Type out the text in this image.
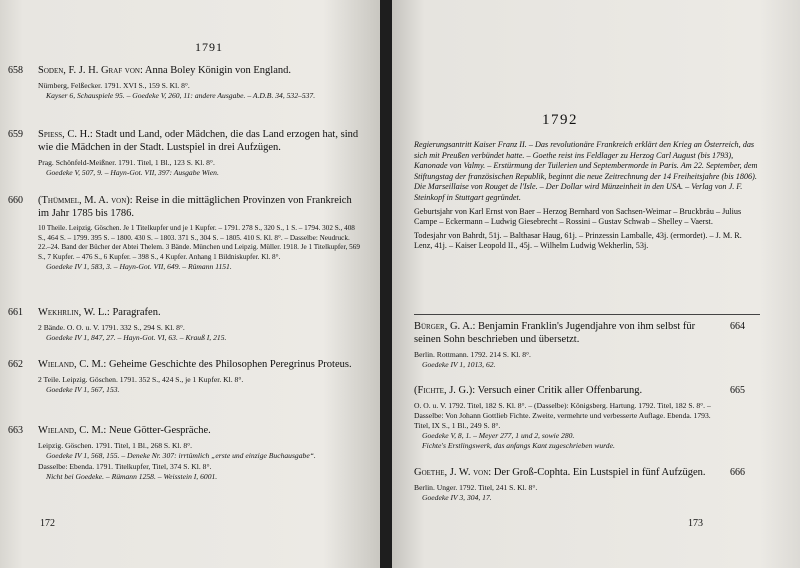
1791
658 Soden, F. J. H. Graf von: Anna Boley Königin von England.
Nürnberg, Felßecker. 1791. XVI S., 159 S. Kl. 8°.
Kayser 6, Schauspiele 95. – Goedeke V, 260, 11: andere Ausgabe. – A.D.B. 34, 532–537.
659 Spiess, C. H.: Stadt und Land, oder Mädchen, die das Land erzogen hat, sind wie die Mädchen in der Stadt. Lustspiel in drei Aufzügen.
Prag. Schönfeld-Meißner. 1791. Titel, 1 Bl., 123 S. Kl. 8°.
Goedeke V, 507, 9. – Hayn-Got. VII, 397: Ausgabe Wien.
660 (Thümmel, M. A. von): Reise in die mittäglichen Provinzen von Frankreich im Jahr 1785 bis 1786.
10 Theile. Leipzig. Göschen. Je 1 Titelkupfer und je 1 Kupfer. – 1791. 278 S., 320 S., 1 S. – 1794. 302 S., 408 S., 464 S. – 1799. 395 S. – 1800. 430 S. – 1803. 371 S., 304 S. – 1805. 410 S. Kl. 8°. – Dasselbe: Neudruck. 22.–24. Band der Bücher der Abtei Thelem. 3 Bände. München und Leipzig. Müller. 1918. Je 1 Titelkupfer, 569 S., 7 Kupfer. – 476 S., 6 Kupfer. – 398 S., 4 Kupfer. Anhang 1 Bildniskupfer. Kl. 8°.
Goedeke IV 1, 583, 3. – Hayn-Got. VII, 649. – Rümann 1151.
661 Wekhrlin, W. L.: Paragrafen.
2 Bände. O. O. u. V. 1791. 332 S., 294 S. Kl. 8°.
Goedeke IV 1, 847, 27. – Hayn-Got. VI, 63. – Krauß I, 215.
662 Wieland, C. M.: Geheime Geschichte des Philosophen Peregrinus Proteus.
2 Teile. Leipzig. Göschen. 1791. 352 S., 424 S., je 1 Kupfer. Kl. 8°.
Goedeke IV 1, 567, 153.
663 Wieland, C. M.: Neue Götter-Gespräche.
Leipzig. Göschen. 1791. Titel, 1 Bl., 268 S. Kl. 8°.
Goedeke IV 1, 568, 155. – Deneke Nr. 307: irrtümlich „erste und einzige Buchausgabe“.
Dasselbe: Ebenda. 1791. Titelkupfer, Titel, 374 S. Kl. 8°.
Nicht bei Goedeke. – Rümann 1258. – Weisstein I, 6001.
172
1792

Regierungsantritt Kaiser Franz II. – Das revolutionäre Frankreich erklärt den Krieg an Österreich, das sich mit Preußen verbündet hatte. – Goethe reist ins Feldlager zu Herzog Carl August (bis 1793), Kanonade von Valmy. – Erstürmung der Tuilerien und Septembermorde in Paris. Am 22. September, dem Stiftungstag der französischen Republik, beginnt die neue Zeitrechnung der 14 Freiheitsjahre (bis 1806). Die Marseillaise von Rouget de l'Isle. – Der Dollar wird Münzeinheit in den USA. – Verlag von J. F. Steinkopf in Stuttgart gegründet.

Geburtsjahr von Karl Ernst von Baer – Herzog Bernhard von Sachsen-Weimar – Bruckbräu – Julius Campe – Eckermann – Ludwig Giesebrecht – Rossini – Gustav Schwab – Shelley – Vaerst.

Todesjahr von Bahrdt, 51j. – Balthasar Haug, 61j. – Prinzessin Lamballe, 43j. (ermordet). – J. M. R. Lenz, 41j. – Kaiser Leopold II., 45j. – Wilhelm Ludwig Wekherlin, 53j.

Bürger, G. A.: Benjamin Franklin's Jugendjahre von ihm selbst für seinen Sohn beschrieben und übersetzt.
Berlin. Rottmann. 1792. 214 S. Kl. 8°.
Goedeke IV 1, 1013, 62.
664
(Fichte, J. G.): Versuch einer Critik aller Offenbarung.
O. O. u. V. 1792. Titel, 182 S. Kl. 8°. – (Dasselbe): Königsberg. Hartung. 1792. Titel, 182 S. 8°. – Dasselbe: Von Johann Gottlieb Fichte. Zweite, vermehrte und verbesserte Auflage. Ebenda. 1793. Titel, IX S., 1 Bl., 249 S. 8°.
Goedeke V, 8, 1. – Meyer 277, 1 und 2, sowie 280.
Fichte's Erstlingswerk, das anfangs Kant zugeschrieben wurde.
665
Goethe, J. W. von: Der Groß-Cophta. Ein Lustspiel in fünf Aufzügen.
Berlin. Unger. 1792. Titel, 241 S. Kl. 8°.
Goedeke IV 3, 304, 17.
666
173
